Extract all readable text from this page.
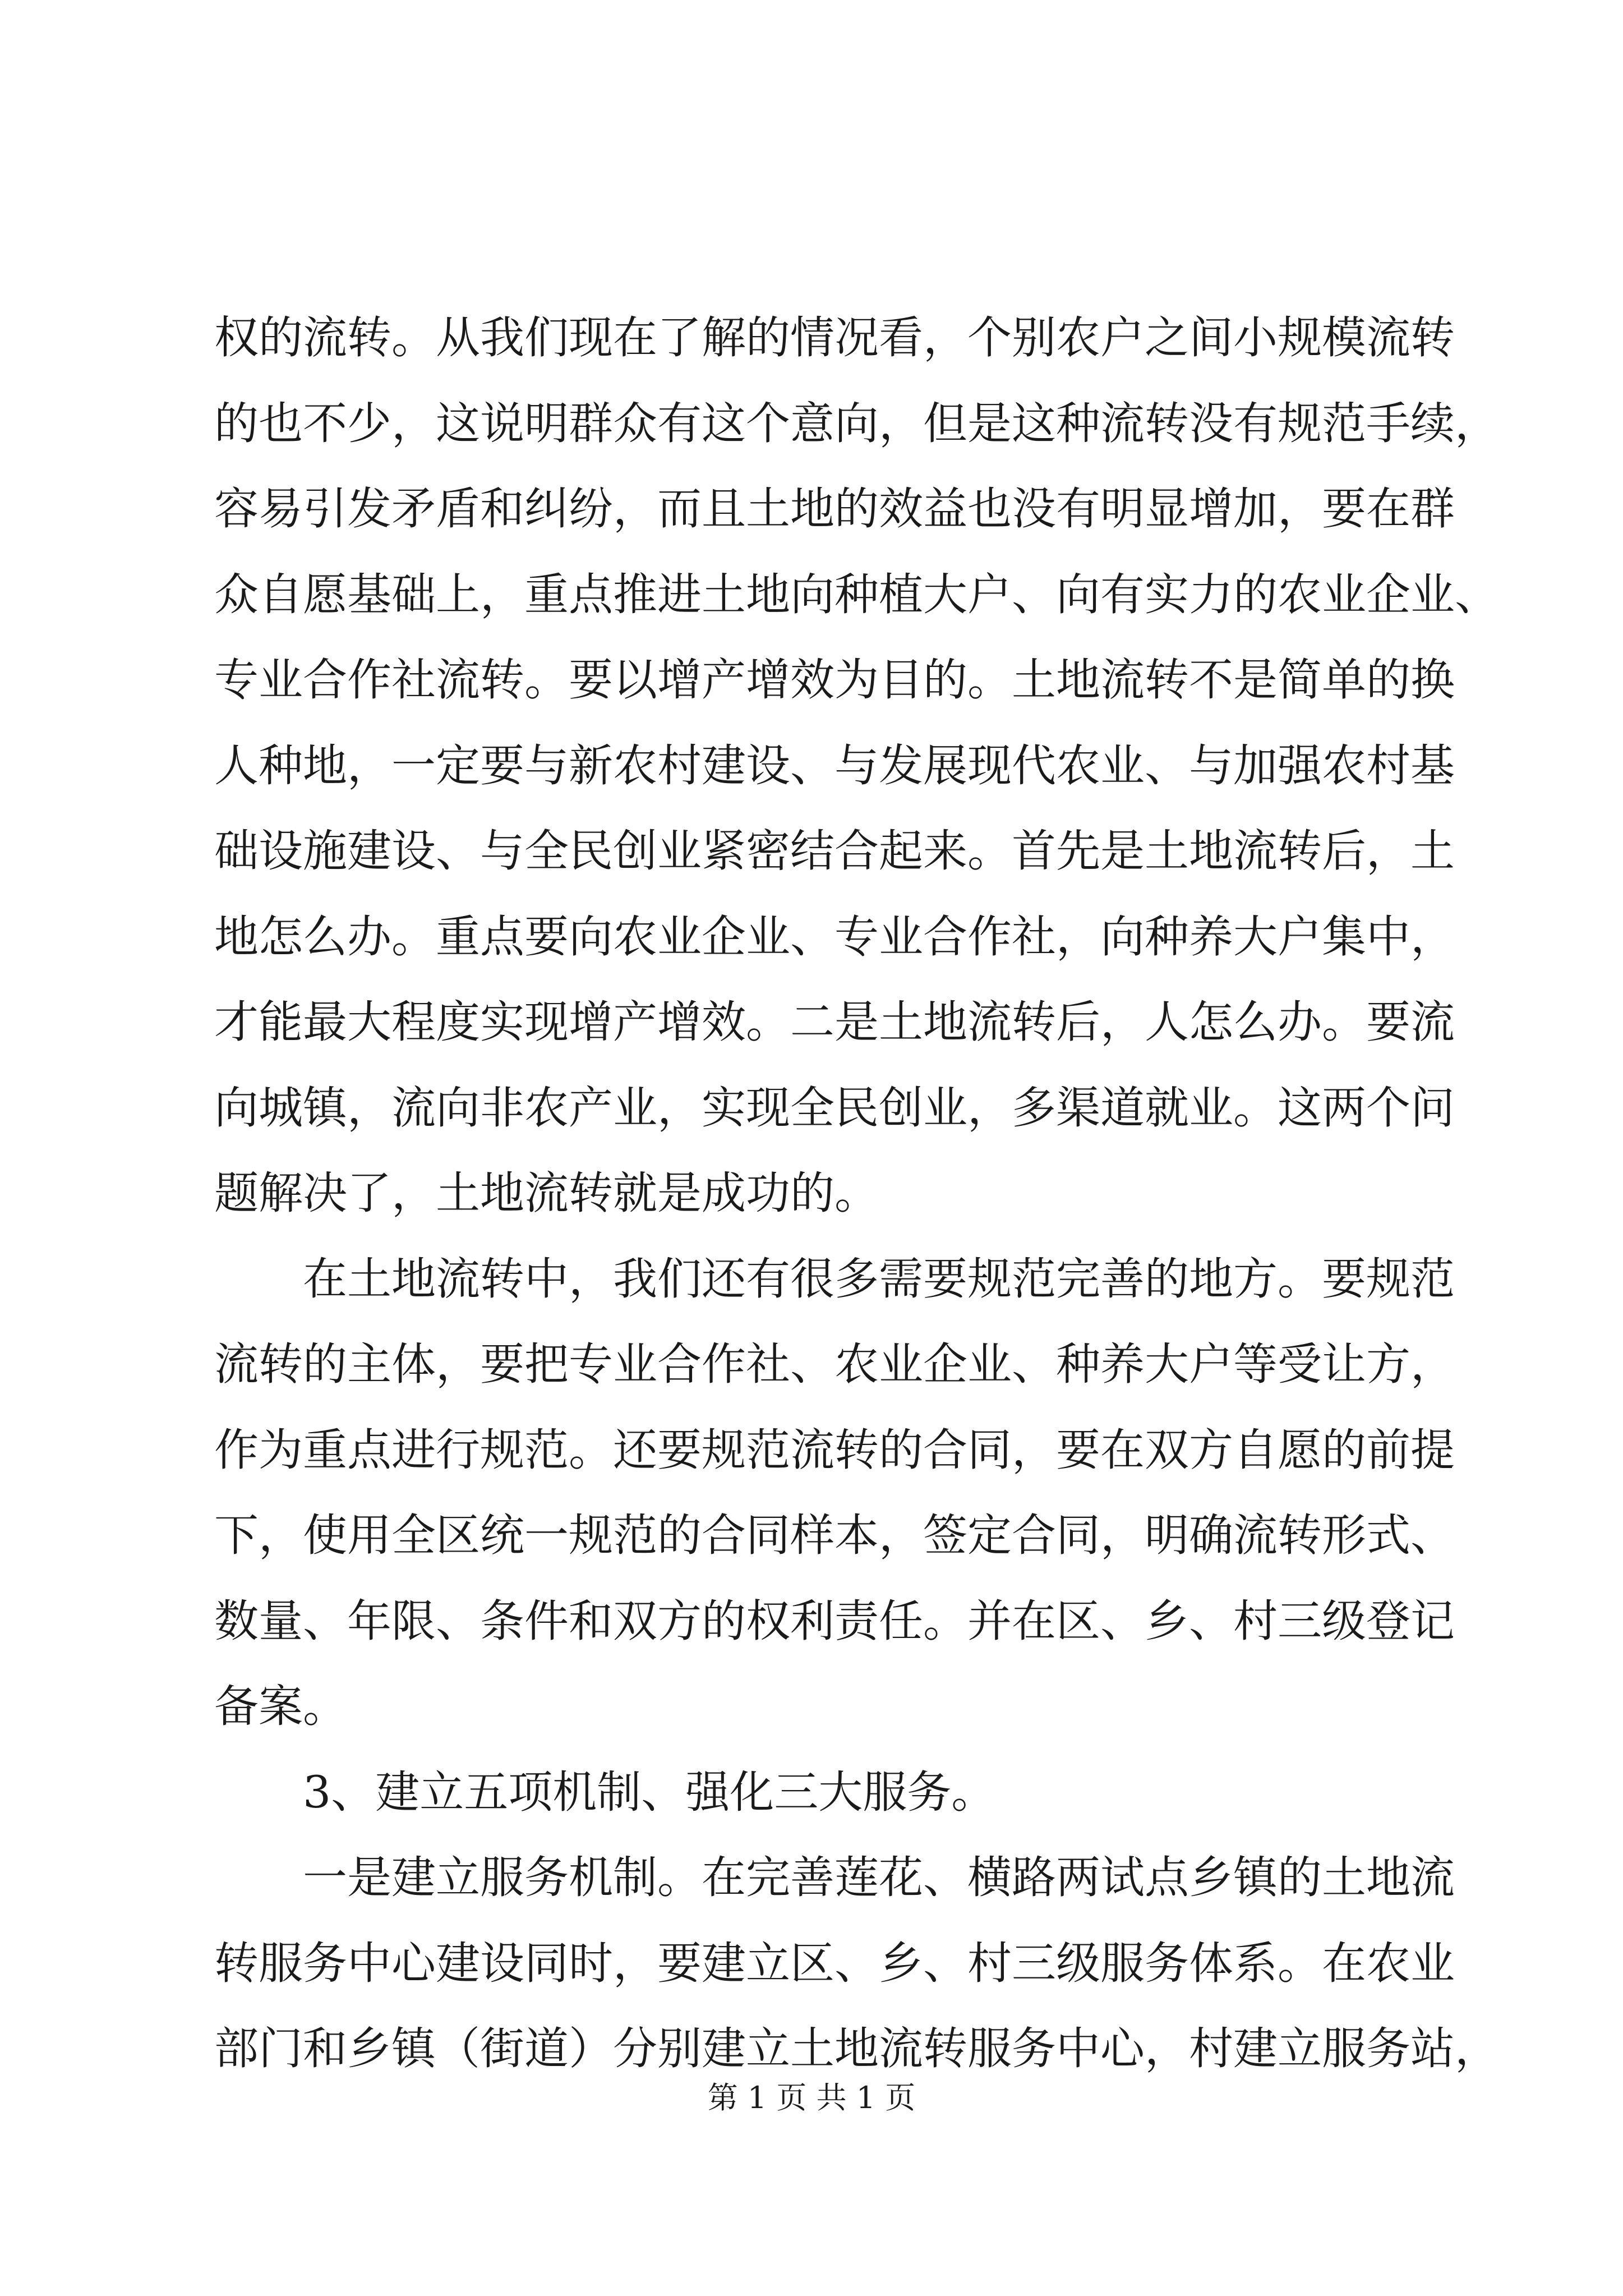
权的流转。从我们现在了解的情况看，个别农户之间小规模流转
的也不少，这说明群众有这个意向，但是这种流转没有规范手续，
容易引发矛盾和纠纷，而且土地的效益也没有明显增加，要在群
众自愿基础上，重点推进土地向种植大户、向有实力的农业企业、
专业合作社流转。要以增产增效为目的。土地流转不是简单的换
人种地，一定要与新农村建设、与发展现代农业、与加强农村基
础设施建设、与全民创业紧密结合起来。首先是土地流转后，土
地怎么办。重点要向农业企业、专业合作社，向种养大户集中，
才能最大程度实现增产增效。二是土地流转后，人怎么办。要流
向城镇，流向非农产业，实现全民创业，多渠道就业。这两个问
题解决了，土地流转就是成功的。
　　在土地流转中，我们还有很多需要规范完善的地方。要规范
流转的主体，要把专业合作社、农业企业、种养大户等受让方，
作为重点进行规范。还要规范流转的合同，要在双方自愿的前提
下，使用全区统一规范的合同样本，签定合同，明确流转形式、
数量、年限、条件和双方的权利责任。并在区、乡、村三级登记
备案。
　　3、建立五项机制、强化三大服务。
　　一是建立服务机制。在完善莲花、横路两试点乡镇的土地流
转服务中心建设同时，要建立区、乡、村三级服务体系。在农业
部门和乡镇（街道）分别建立土地流转服务中心，村建立服务站，
第 1 页 共 1 页
